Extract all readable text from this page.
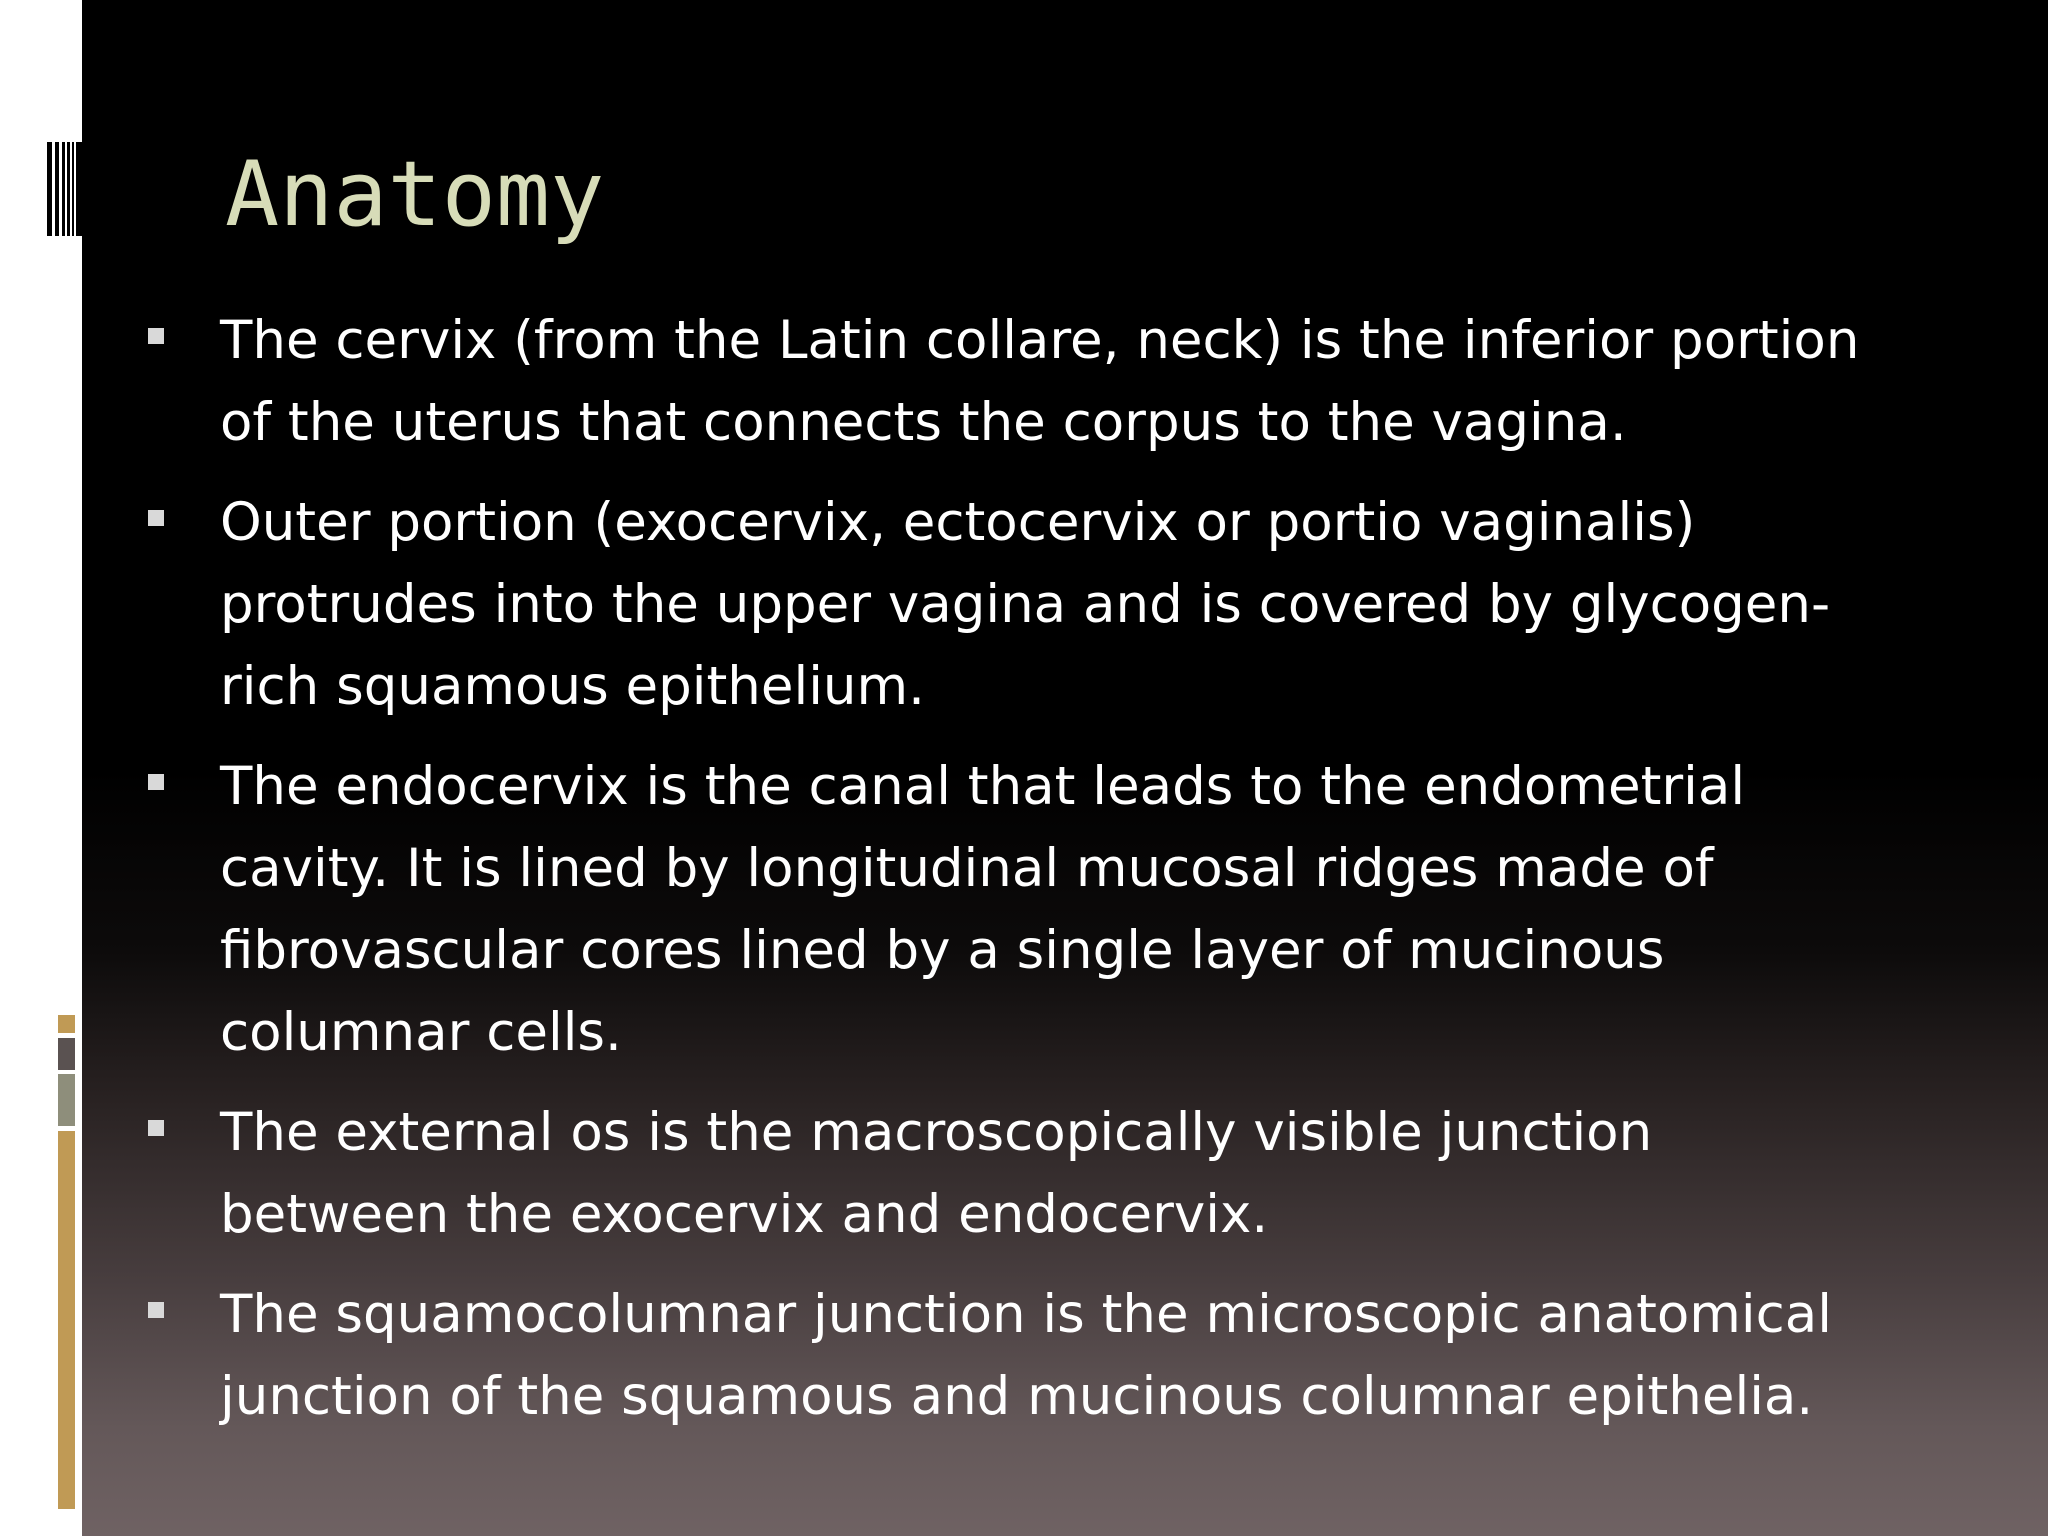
Anatomy
The cervix (from the Latin collare, neck) is the inferior portion
of the uterus that connects the corpus to the vagina.
Outer portion (exocervix, ectocervix or portio vaginalis)
protrudes into the upper vagina and is covered by glycogen-
rich squamous epithelium.
The endocervix is the canal that leads to the endometrial
cavity. It is lined by longitudinal mucosal ridges made of
fibrovascular cores lined by a single layer of mucinous
columnar cells.
The external os is the macroscopically visible junction
between the exocervix and endocervix.
The squamocolumnar junction is the microscopic anatomical
junction of the squamous and mucinous columnar epithelia.
